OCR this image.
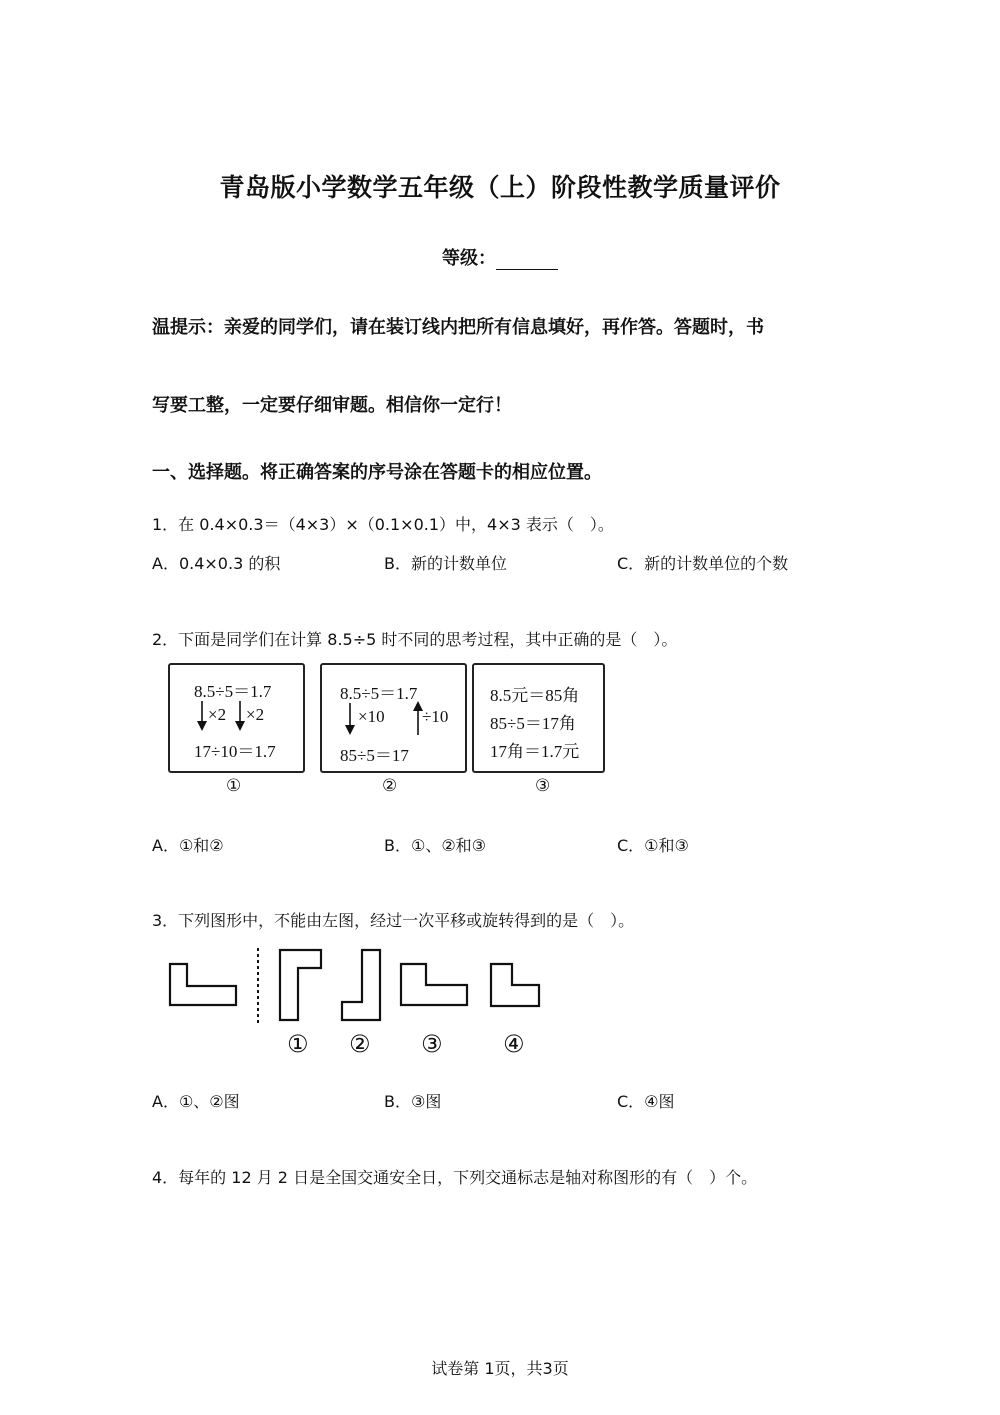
青岛版小学数学五年级（上）阶段性教学质量评价
等级：
温提示：亲爱的同学们，请在装订线内把所有信息填好，再作答。答题时，书
写要工整，一定要仔细审题。相信你一定行！
一、选择题。将正确答案的序号涂在答题卡的相应位置。
1．在 0.4×0.3＝（4×3）×（0.1×0.1）中，4×3 表示（　）。
A．0.4×0.3 的积	B．新的计数单位	C．新的计数单位的个数
2．下面是同学们在计算 8.5÷5 时不同的思考过程，其中正确的是（　）。
8.5÷5＝1.7
×2 ×2
17÷10＝1.7
①
8.5÷5＝1.7
×10 ÷10
85÷5＝17
②
8.5元＝85角
85÷5＝17角
17角＝1.7元
③
A．①和②	B．①、②和③	C．①和③
3．下列图形中，不能由左图，经过一次平移或旋转得到的是（　）。
① ② ③	④
A．①、②图	B．③图	C．④图
4．每年的 12 月 2 日是全国交通安全日，下列交通标志是轴对称图形的有（　）个。
试卷第 1页，共3页
